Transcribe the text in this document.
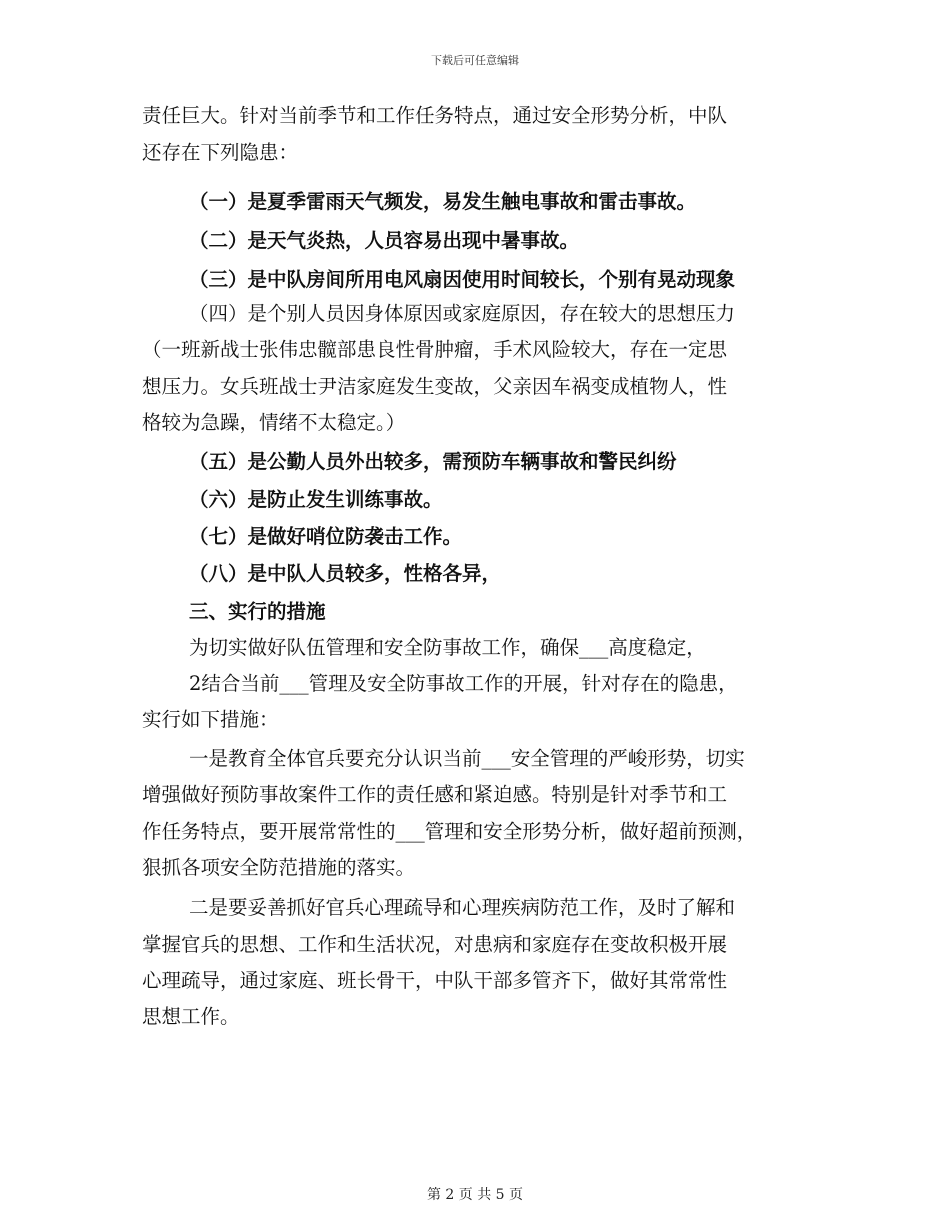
下载后可任意编辑
责任巨大。针对当前季节和工作任务特点，通过安全形势分析，中队
还存在下列隐患：
（一）是夏季雷雨天气频发，易发生触电事故和雷击事故。
（二）是天气炎热，人员容易出现中暑事故。
（三）是中队房间所用电风扇因使用时间较长，个别有晃动现象
（四）是个别人员因身体原因或家庭原因，存在较大的思想压力
（一班新战士张伟忠髋部患良性骨肿瘤，手术风险较大，存在一定思
想压力。女兵班战士尹洁家庭发生变故，父亲因车祸变成植物人，性
格较为急躁，情绪不太稳定。）
（五）是公勤人员外出较多，需预防车辆事故和警民纠纷
（六）是防止发生训练事故。
（七）是做好哨位防袭击工作。
（八）是中队人员较多，性格各异，
三、实行的措施
为切实做好队伍管理和安全防事故工作，确保___高度稳定，
2结合当前___管理及安全防事故工作的开展，针对存在的隐患，
实行如下措施：
一是教育全体官兵要充分认识当前___安全管理的严峻形势，切实
增强做好预防事故案件工作的责任感和紧迫感。特别是针对季节和工
作任务特点，要开展常常性的___管理和安全形势分析，做好超前预测，
狠抓各项安全防范措施的落实。
二是要妥善抓好官兵心理疏导和心理疾病防范工作，及时了解和
掌握官兵的思想、工作和生活状况，对患病和家庭存在变故积极开展
心理疏导，通过家庭、班长骨干，中队干部多管齐下，做好其常常性
思想工作。
第 2 页 共 5 页
